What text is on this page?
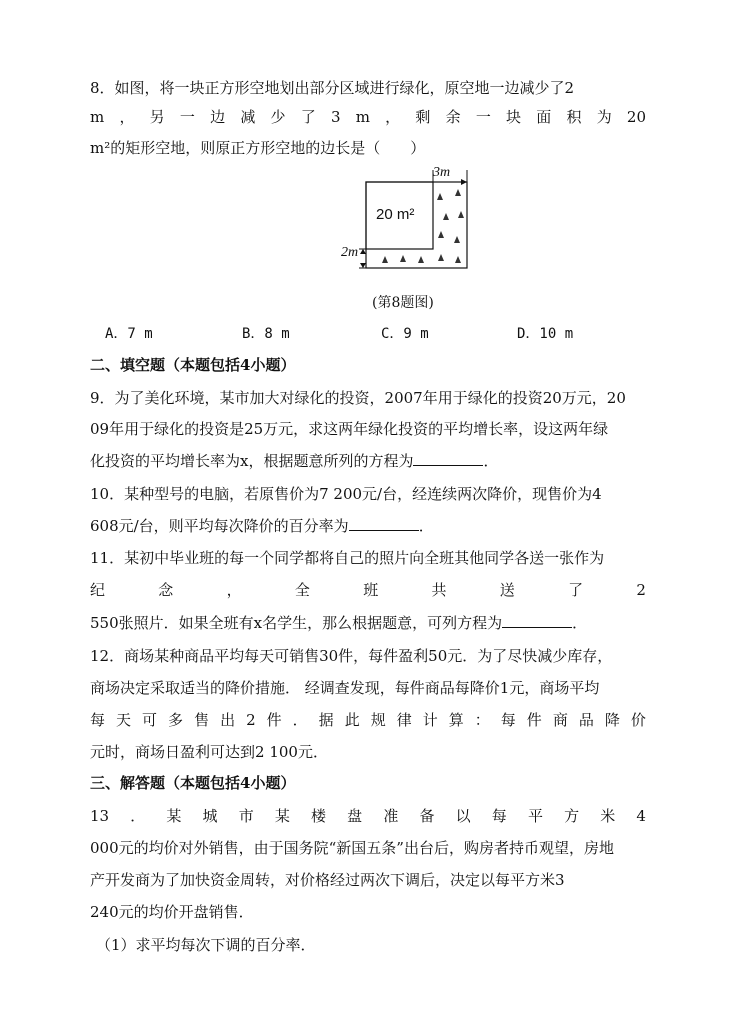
8．如图，将一块正方形空地划出部分区域进行绿化，原空地一边减少了2
m ， 另 一 边 减 少 了 3 m ， 剩 余 一 块 面 积 为 20
m²的矩形空地，则原正方形空地的边长是（　　）
20 m²
3m
2m
(第8题图)
A．7 m	B．8 m	C．9 m	D．10 m
二、填空题（本题包括4小题）
9．为了美化环境，某市加大对绿化的投资，2007年用于绿化的投资20万元，20
09年用于绿化的投资是25万元，求这两年绿化投资的平均增长率，设这两年绿
化投资的平均增长率为x，根据题意所列的方程为	．
10．某种型号的电脑，若原售价为7 200元/台，经连续两次降价，现售价为4
608元/台，则平均每次降价的百分率为	．
11．某初中毕业班的每一个同学都将自己的照片向全班其他同学各送一张作为
纪	念	，	全	班	共	送	了	2
550张照片．如果全班有x名学生，那么根据题意，可列方程为	．
12．商场某种商品平均每天可销售30件，每件盈利50元．为了尽快减少库存，
商场决定采取适当的降价措施． 经调查发现，每件商品每降价1元，商场平均
每 天 可 多 售 出 2 件 ． 据 此 规 律 计 算 ： 每 件 商 品 降 价
元时，商场日盈利可达到2 100元．
三、解答题（本题包括4小题）
13 ． 某 城 市 某 楼 盘 准 备 以 每 平 方 米 4
000元的均价对外销售，由于国务院“新国五条”出台后，购房者持币观望，房地
产开发商为了加快资金周转，对价格经过两次下调后，决定以每平方米3
240元的均价开盘销售．
（1）求平均每次下调的百分率．
